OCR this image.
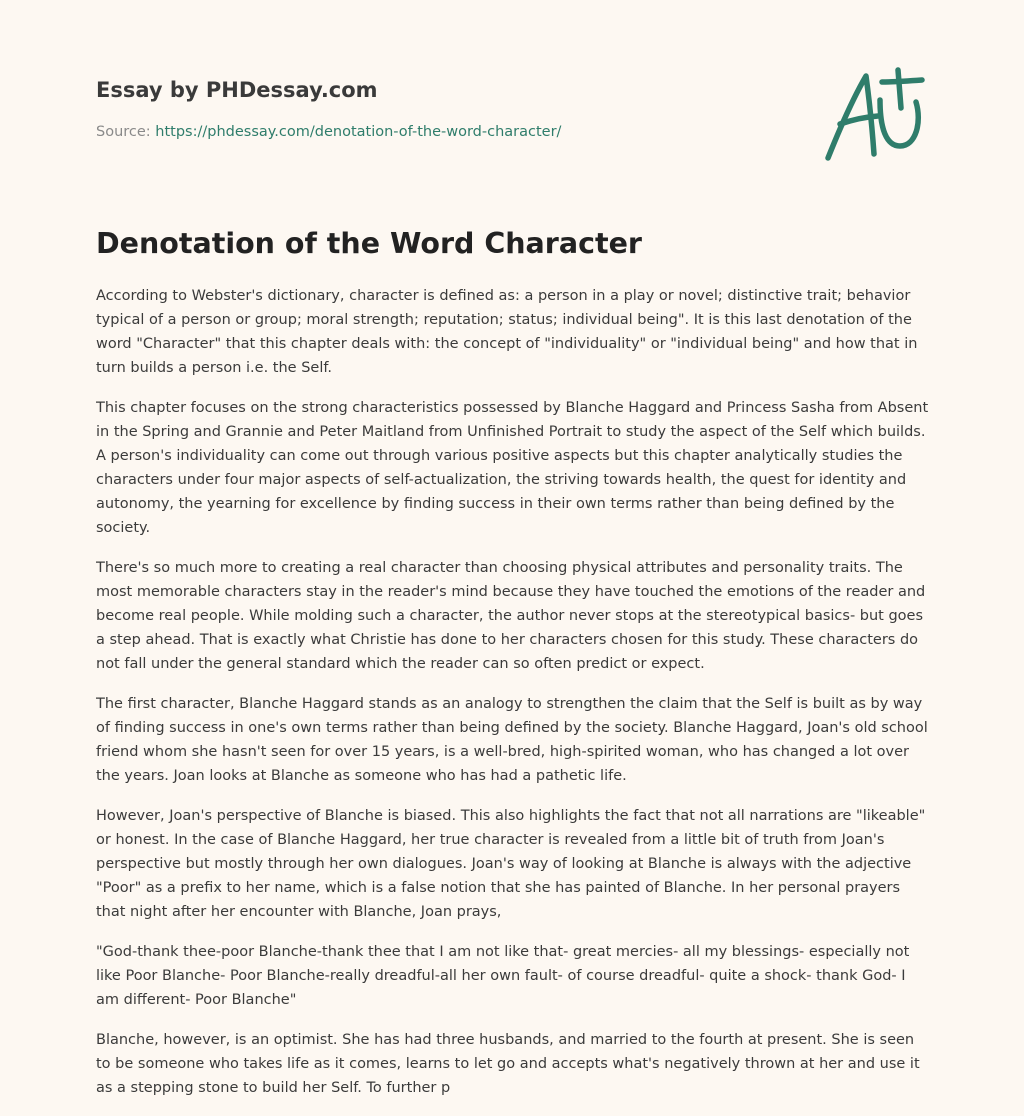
Essay by PHDessay.com
Source: https://phdessay.com/denotation-of-the-word-character/
Denotation of the Word Character

According to Webster's dictionary, character is defined as: a person in a play or novel; distinctive trait; behavior typical of a person or group; moral strength; reputation; status; individual being". It is this last denotation of the word "Character" that this chapter deals with: the concept of "individuality" or "individual being" and how that in turn builds a person i.e. the Self.

This chapter focuses on the strong characteristics possessed by Blanche Haggard and Princess Sasha from Absent in the Spring and Grannie and Peter Maitland from Unfinished Portrait to study the aspect of the Self which builds. A person's individuality can come out through various positive aspects but this chapter analytically studies the characters under four major aspects of self-actualization, the striving towards health, the quest for identity and autonomy, the yearning for excellence by finding success in their own terms rather than being defined by the society.

There's so much more to creating a real character than choosing physical attributes and personality traits. The most memorable characters stay in the reader's mind because they have touched the emotions of the reader and become real people. While molding such a character, the author never stops at the stereotypical basics- but goes a step ahead. That is exactly what Christie has done to her characters chosen for this study. These characters do not fall under the general standard which the reader can so often predict or expect.

The first character, Blanche Haggard stands as an analogy to strengthen the claim that the Self is built as by way of finding success in one's own terms rather than being defined by the society. Blanche Haggard, Joan's old school friend whom she hasn't seen for over 15 years, is a well-bred, high-spirited woman, who has changed a lot over the years. Joan looks at Blanche as someone who has had a pathetic life.

However, Joan's perspective of Blanche is biased. This also highlights the fact that not all narrations are "likeable" or honest. In the case of Blanche Haggard, her true character is revealed from a little bit of truth from Joan's perspective but mostly through her own dialogues. Joan's way of looking at Blanche is always with the adjective "Poor" as a prefix to her name, which is a false notion that she has painted of Blanche. In her personal prayers that night after her encounter with Blanche, Joan prays,

"God-thank thee-poor Blanche-thank thee that I am not like that- great mercies- all my blessings- especially not like Poor Blanche- Poor Blanche-really dreadful-all her own fault- of course dreadful- quite a shock- thank God- I am different- Poor Blanche"

Blanche, however, is an optimist. She has had three husbands, and married to the fourth at present. She is seen to be someone who takes life as it comes, learns to let go and accepts what's negatively thrown at her and use it as a stepping stone to build her Self. To further p
